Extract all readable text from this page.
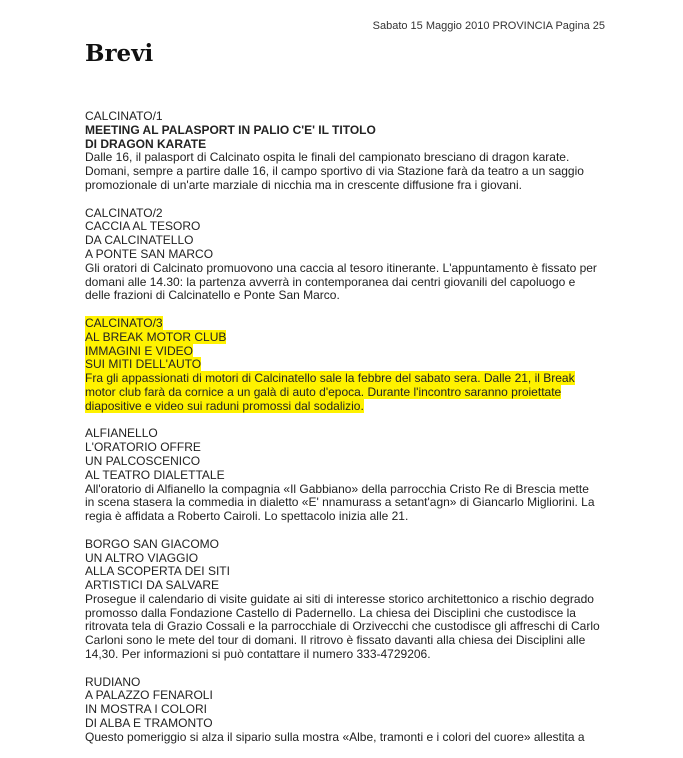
Sabato 15 Maggio 2010 PROVINCIA Pagina 25
Brevi
CALCINATO/1
MEETING AL PALASPORT IN PALIO C'E' IL TITOLO
DI DRAGON KARATE
Dalle 16, il palasport di Calcinato ospita le finali del campionato bresciano di dragon karate.
Domani, sempre a partire dalle 16, il campo sportivo di via Stazione farà da teatro a un saggio
promozionale di un'arte marziale di nicchia ma in crescente diffusione fra i giovani.
CALCINATO/2
CACCIA AL TESORO
DA CALCINATELLO
A PONTE SAN MARCO
Gli oratori di Calcinato promuovono una caccia al tesoro itinerante. L'appuntamento è fissato per
domani alle 14.30: la partenza avverrà in contemporanea dai centri giovanili del capoluogo e
delle frazioni di Calcinatello e Ponte San Marco.
CALCINATO/3
AL BREAK MOTOR CLUB
IMMAGINI E VIDEO
SUI MITI DELL'AUTO
Fra gli appassionati di motori di Calcinatello sale la febbre del sabato sera. Dalle 21, il Break
motor club farà da cornice a un galà di auto d'epoca. Durante l'incontro saranno proiettate
diapositive e video sui raduni promossi dal sodalizio.
ALFIANELLO
L'ORATORIO OFFRE
UN PALCOSCENICO
AL TEATRO DIALETTALE
All'oratorio di Alfianello la compagnia «Il Gabbiano» della parrocchia Cristo Re di Brescia mette
in scena stasera la commedia in dialetto «E' nnamurass a setant'agn» di Giancarlo Migliorini. La
regia è affidata a Roberto Cairoli. Lo spettacolo inizia alle 21.
BORGO SAN GIACOMO
UN ALTRO VIAGGIO
ALLA SCOPERTA DEI SITI
ARTISTICI DA SALVARE
Prosegue il calendario di visite guidate ai siti di interesse storico architettonico a rischio degrado
promosso dalla Fondazione Castello di Padernello. La chiesa dei Disciplini che custodisce la
ritrovata tela di Grazio Cossali e la parrocchiale di Orzivecchi che custodisce gli affreschi di Carlo
Carloni sono le mete del tour di domani. Il ritrovo è fissato davanti alla chiesa dei Disciplini alle
14,30. Per informazioni si può contattare il numero 333-4729206.
RUDIANO
A PALAZZO FENAROLI
IN MOSTRA I COLORI
DI ALBA E TRAMONTO
Questo pomeriggio si alza il sipario sulla mostra «Albe, tramonti e i colori del cuore» allestita a
